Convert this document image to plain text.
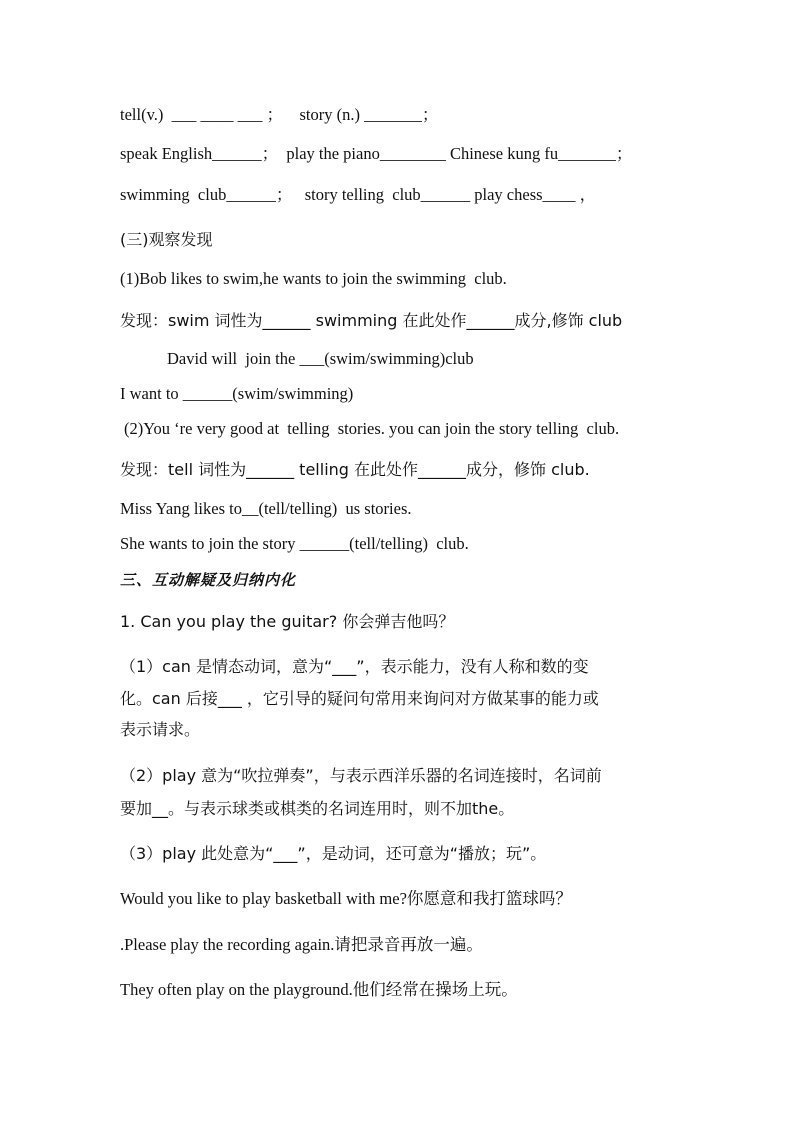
tell(v.)  ___ ____ ___ ；    story (n.) _______；
speak English______；  play the piano________ Chinese kung fu_______；
swimming  club______；   story telling  club______ play chess____ ，
(三)观察发现
(1)Bob likes to swim,he wants to join the swimming  club.
发现：swim 词性为______ swimming 在此处作______成分,修饰 club
David will  join the ___(swim/swimming)club
I want to ______(swim/swimming)
(2)You ‘re very good at  telling  stories. you can join the story telling  club.
发现：tell 词性为______ telling 在此处作______成分，修饰 club.
Miss Yang likes to__(tell/telling)  us stories.
She wants to join the story ______(tell/telling)  club.
三、互动解疑及归纳内化
1. Can you play the guitar? 你会弹吉他吗？
（1）can 是情态动词，意为“___”，表示能力，没有人称和数的变
化。can 后接___ ，它引导的疑问句常用来询问对方做某事的能力或
表示请求。
（2）play 意为“吹拉弹奏”，与表示西洋乐器的名词连接时，名词前
要加__。与表示球类或棋类的名词连用时，则不加the。
（3）play 此处意为“___”，是动词，还可意为“播放；玩”。
Would you like to play basketball with me?你愿意和我打篮球吗？
.Please play the recording again.请把录音再放一遍。
They often play on the playground.他们经常在操场上玩。
